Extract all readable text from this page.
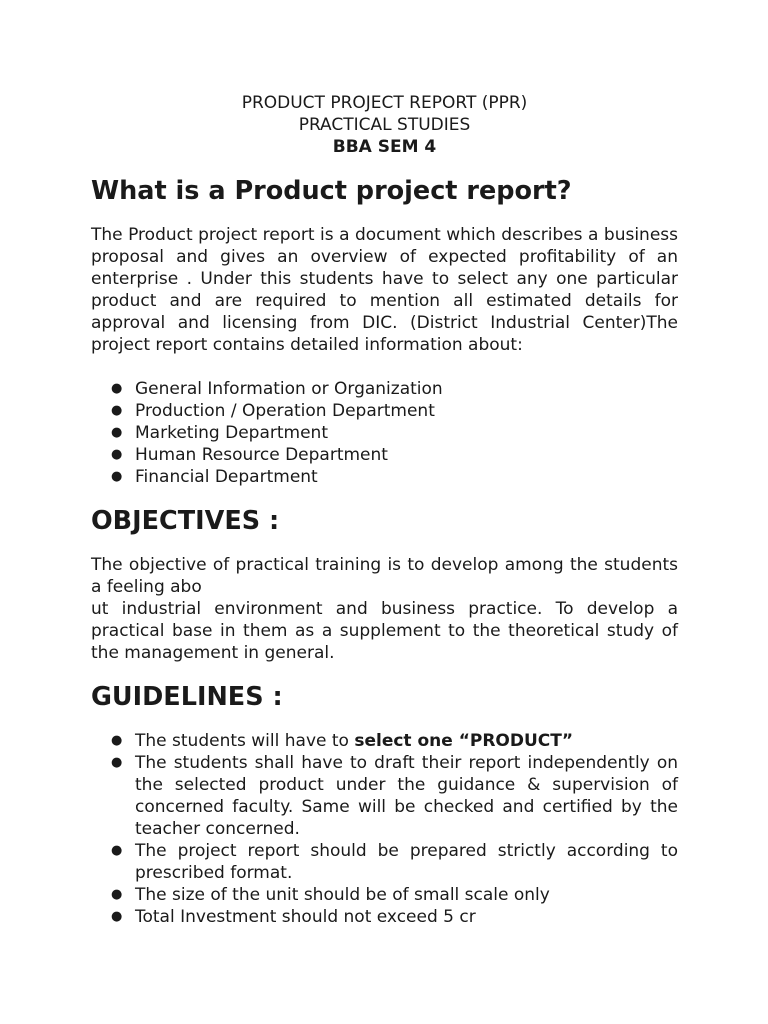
PRODUCT PROJECT REPORT (PPR)
PRACTICAL STUDIES
BBA SEM 4
What is a Product project report?

The Product project report is a document which describes a business proposal and gives an overview of expected profitability of an enterprise . Under this students have to select any one particular product and are required to mention all estimated details for approval and licensing from DIC. (District Industrial Center)The project report contains detailed information about:

● General Information or Organization
● Production / Operation Department
● Marketing Department
● Human Resource Department
● Financial Department
OBJECTIVES :

The objective of practical training is to develop among the students a feeling abo

ut industrial environment and business practice. To develop a practical base in them as a supplement to the theoretical study of the management in general.

GUIDELINES :
● The students will have to select one “PRODUCT”
● The students shall have to draft their report independently on the selected product under the guidance & supervision of concerned faculty. Same will be checked and certified by the teacher concerned.
● The project report should be prepared strictly according to prescribed format.
● The size of the unit should be of small scale only
● Total Investment should not exceed 5 cr
